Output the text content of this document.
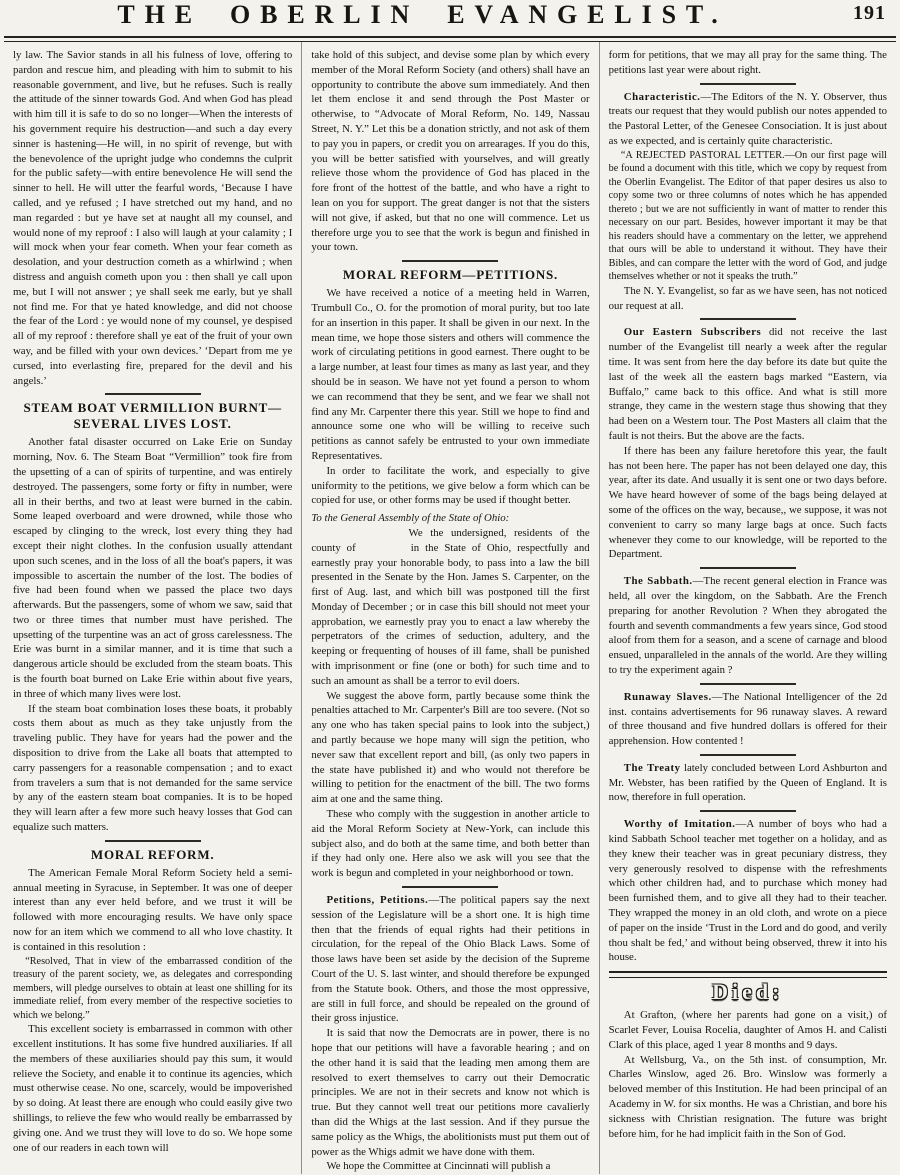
THE OBERLIN EVANGELIST.	191

ly law. The Savior stands in all his fulness of love, offering to pardon and rescue him, and pleading with him to submit to his reasonable government, and live, but he refuses. Such is really the attitude of the sinner towards God. And when God has plead with him till it is safe to do so no longer—When the interests of his government require his destruction—and such a day every sinner is hastening—He will, in no spirit of revenge, but with the benevolence of the upright judge who condemns the culprit for the public safety—with entire benevolence He will send the sinner to hell. He will utter the fearful words, ‘Because I have called, and ye refused ; I have stretched out my hand, and no man regarded : but ye have set at naught all my counsel, and would none of my reproof : I also will laugh at your calamity ; I will mock when your fear cometh. When your fear cometh as desolation, and your destruction cometh as a whirlwind ; when distress and anguish cometh upon you : then shall ye call upon me, but I will not answer ; ye shall seek me early, but ye shall not find me. For that ye hated knowledge, and did not choose the fear of the Lord : ye would none of my counsel, ye despised all of my reproof : therefore shall ye eat of the fruit of your own way, and be filled with your own devices.’ ‘Depart from me ye cursed, into everlasting fire, prepared for the devil and his angels.’

STEAM BOAT VERMILLION BURNT—SEVERAL LIVES LOST.

Another fatal disaster occurred on Lake Erie on Sunday morning, Nov. 6. The Steam Boat “Vermillion” took fire from the upsetting of a can of spirits of turpentine, and was entirely destroyed. The passengers, some forty or fifty in number, were all in their berths, and two at least were burned in the cabin. Some leaped overboard and were drowned, while those who escaped by clinging to the wreck, lost every thing they had except their night clothes. In the confusion usually attendant upon such scenes, and in the loss of all the boat's papers, it was impossible to ascertain the number of the lost. The bodies of five had been found when we passed the place two days afterwards. But the passengers, some of whom we saw, said that two or three times that number must have perished. The upsetting of the turpentine was an act of gross carelessness. The Erie was burnt in a similar manner, and it is time that such a dangerous article should be excluded from the steam boats. This is the fourth boat burned on Lake Erie within about five years, in three of which many lives were lost.

If the steam boat combination loses these boats, it probably costs them about as much as they take unjustly from the traveling public. They have for years had the power and the disposition to drive from the Lake all boats that attempted to carry passengers for a reasonable compensation ; and to exact from travelers a sum that is not demanded for the same service by any of the eastern steam boat companies. It is to be hoped they will learn after a few more such heavy losses that God can equalize such matters.

MORAL REFORM.

The American Female Moral Reform Society held a semi-annual meeting in Syracuse, in September. It was one of deeper interest than any ever held before, and we trust it will be followed with more encouraging results. We have only space now for an item which we commend to all who love chastity. It is contained in this resolution :

“Resolved, That in view of the embarrassed condition of the treasury of the parent society, we, as delegates and corresponding members, will pledge ourselves to obtain at least one shilling for its immediate relief, from every member of the respective societies to which we belong.”

This excellent society is embarrassed in common with other excellent institutions. It has some five hundred auxiliaries. If all the members of these auxiliaries should pay this sum, it would relieve the Society, and enable it to continue its agencies, which must otherwise cease. No one, scarcely, would be impoverished by so doing. At least there are enough who could easily give two shillings, to relieve the few who would really be embarrassed by giving one. And we trust they will love to do so. We hope some one of our readers in each town will

take hold of this subject, and devise some plan by which every member of the Moral Reform Society (and others) shall have an opportunity to contribute the above sum immediately. And then let them enclose it and send through the Post Master or otherwise, to “Advocate of Moral Reform, No. 149, Nassau Street, N. Y.” Let this be a donation strictly, and not ask of them to pay you in papers, or credit you on arrearages. If you do this, you will be better satisfied with yourselves, and will greatly relieve those whom the providence of God has placed in the fore front of the hottest of the battle, and who have a right to lean on you for support. The great danger is not that the sisters will not give, if asked, but that no one will commence. Let us therefore urge you to see that the work is begun and finished in your town.

MORAL REFORM—PETITIONS.

We have received a notice of a meeting held in Warren, Trumbull Co., O. for the promotion of moral purity, but too late for an insertion in this paper. It shall be given in our next. In the mean time, we hope those sisters and others will commence the work of circulating petitions in good earnest. There ought to be a large number, at least four times as many as last year, and they should be in season. We have not yet found a person to whom we can recommend that they be sent, and we fear we shall not find any Mr. Carpenter there this year. Still we hope to find and announce some one who will be willing to receive such petitions as cannot safely be entrusted to your own immediate Representatives.

In order to facilitate the work, and especially to give uniformity to the petitions, we give below a form which can be copied for use, or other forms may be used if thought better.

To the General Assembly of the State of Ohio:

We the undersigned, residents of the county of      in the State of Ohio, respectfully and earnestly pray your honorable body, to pass into a law the bill presented in the Senate by the Hon. James S. Carpenter, on the first of Aug. last, and which bill was postponed till the first Monday of December ; or in case this bill should not meet your approbation, we earnestly pray you to enact a law whereby the perpetrators of the crimes of seduction, adultery, and the keeping or frequenting of houses of ill fame, shall be punished with imprisonment or fine (one or both) for such time and to such an amount as shall be a terror to evil doers.

We suggest the above form, partly because some think the penalties attached to Mr. Carpenter's Bill are too severe. (Not so any one who has taken special pains to look into the subject,) and partly because we hope many will sign the petition, who never saw that excellent report and bill, (as only two papers in the state have published it) and who would not therefore be willing to petition for the enactment of the bill. The two forms aim at one and the same thing.

These who comply with the suggestion in another article to aid the Moral Reform Society at New-York, can include this subject also, and do both at the same time, and both better than if they had only one. Here also we ask will you see that the work is begun and completed in your neighborhood or town.

Petitions, Petitions.—The political papers say the next session of the Legislature will be a short one. It is high time then that the friends of equal rights had their petitions in circulation, for the repeal of the Ohio Black Laws. Some of those laws have been set aside by the decision of the Supreme Court of the U. S. last winter, and should therefore be expunged from the Statute book. Others, and those the most oppressive, are still in full force, and should be repealed on the ground of their gross injustice.

It is said that now the Democrats are in power, there is no hope that our petitions will have a favorable hearing ; and on the other hand it is said that the leading men among them are resolved to exert themselves to carry out their Democratic principles. We are not in their secrets and know not which is true. But they cannot well treat our petitions more cavalierly than did the Whigs at the last session. And if they pursue the same policy as the Whigs, the abolitionists must put them out of power as the Whigs admit we have done with them.

We hope the Committee at Cincinnati will publish a

form for petitions, that we may all pray for the same thing. The petitions last year were about right.

Characteristic.—The Editors of the N. Y. Observer, thus treats our request that they would publish our notes appended to the Pastoral Letter, of the Genesee Consociation. It is just about as we expected, and is certainly quite characteristic.

“A REJECTED PASTORAL LETTER.—On our first page will be found a document with this title, which we copy by request from the Oberlin Evangelist. The Editor of that paper desires us also to copy some two or three columns of notes which he has appended thereto ; but we are not sufficiently in want of matter to render this necessary on our part. Besides, however important it may be that his readers should have a commentary on the letter, we apprehend that ours will be able to understand it without. They have their Bibles, and can compare the letter with the word of God, and judge themselves whether or not it speaks the truth.”

The N. Y. Evangelist, so far as we have seen, has not noticed our request at all.

Our Eastern Subscribers did not receive the last number of the Evangelist till nearly a week after the regular time. It was sent from here the day before its date but quite the last of the week all the eastern bags marked “Eastern, via Buffalo,” came back to this office. And what is still more strange, they came in the western stage thus showing that they had been on a Western tour. The Post Masters all claim that the fault is not theirs. But the above are the facts.

If there has been any failure heretofore this year, the fault has not been here. The paper has not been delayed one day, this year, after its date. And usually it is sent one or two days before. We have heard however of some of the bags being delayed at some of the offices on the way, because,, we suppose, it was not convenient to carry so many large bags at once. Such facts whenever they come to our knowledge, will be reported to the Department.

The Sabbath.—The recent general election in France was held, all over the kingdom, on the Sabbath. Are the French preparing for another Revolution ? When they abrogated the fourth and seventh commandments a few years since, God stood aloof from them for a season, and a scene of carnage and blood ensued, unparalleled in the annals of the world. Are they willing to try the experiment again ?

Runaway Slaves.—The National Intelligencer of the 2d inst. contains advertisements for 96 runaway slaves. A reward of three thousand and five hundred dollars is offered for their apprehension. How contented !

The Treaty lately concluded between Lord Ashburton and Mr. Webster, has been ratified by the Queen of England. It is now, therefore in full operation.

Worthy of Imitation.—A number of boys who had a kind Sabbath School teacher met together on a holiday, and as they knew their teacher was in great pecuniary distress, they very generously resolved to dispense with the refreshments which other children had, and to purchase which money had been furnished them, and to give all they had to their teacher. They wrapped the money in an old cloth, and wrote on a piece of paper on the inside ‘Trust in the Lord and do good, and verily thou shalt be fed,’ and without being observed, threw it into his house.

Died:

At Grafton, (where her parents had gone on a visit,) of Scarlet Fever, Louisa Rocelia, daughter of Amos H. and Calisti Clark of this place, aged 1 year 8 months and 9 days.

At Wellsburg, Va., on the 5th inst. of consumption, Mr. Charles Winslow, aged 26. Bro. Winslow was formerly a beloved member of this Institution. He had been principal of an Academy in W. for six months. He was a Christian, and bore his sickness with Christian resignation. The future was bright before him, for he had implicit faith in the Son of God.
